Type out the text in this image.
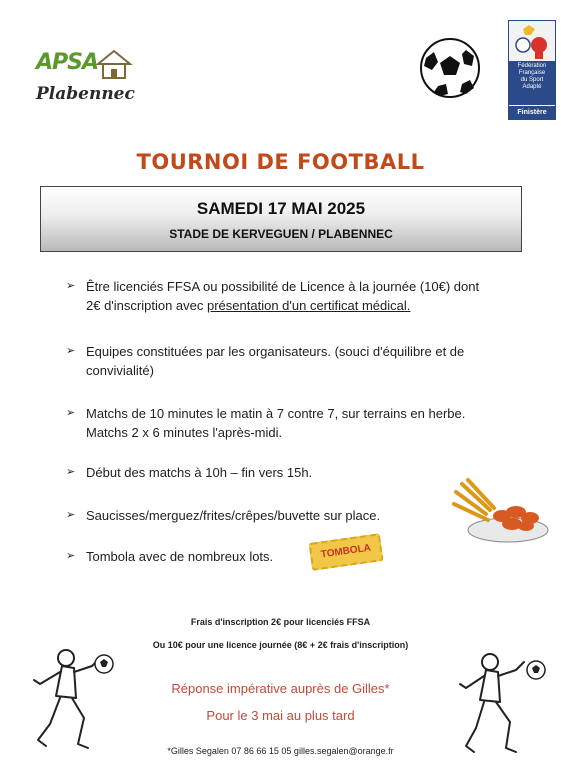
APSA
Plabennec
Fédération
Française
du Sport
Adapté
Finistère
TOURNOI DE FOOTBALL
SAMEDI 17 MAI 2025
STADE DE KERVEGUEN / PLABENNEC
➢ Être licenciés FFSA ou possibilité de Licence à la journée (10€) dont
2€ d'inscription avec présentation d'un certificat médical.
➢ Equipes constituées par les organisateurs. (souci d'équilibre et de
convivialité)
➢ Matchs de 10 minutes le matin à 7 contre 7, sur terrains en herbe.
Matchs 2 x 6 minutes l'après-midi.
➢ Début des matchs à 10h – fin vers 15h.
➢ Saucisses/merguez/frites/crêpes/buvette sur place.
➢ Tombola avec de nombreux lots.	TOMBOLA
Frais d'inscription 2€ pour licenciés FFSA
Ou 10€ pour une licence journée (8€ + 2€ frais d'inscription)
Réponse impérative auprès de Gilles*
Pour le 3 mai au plus tard
*Gilles Segalen 07 86 66 15 05 gilles.segalen@orange.fr
